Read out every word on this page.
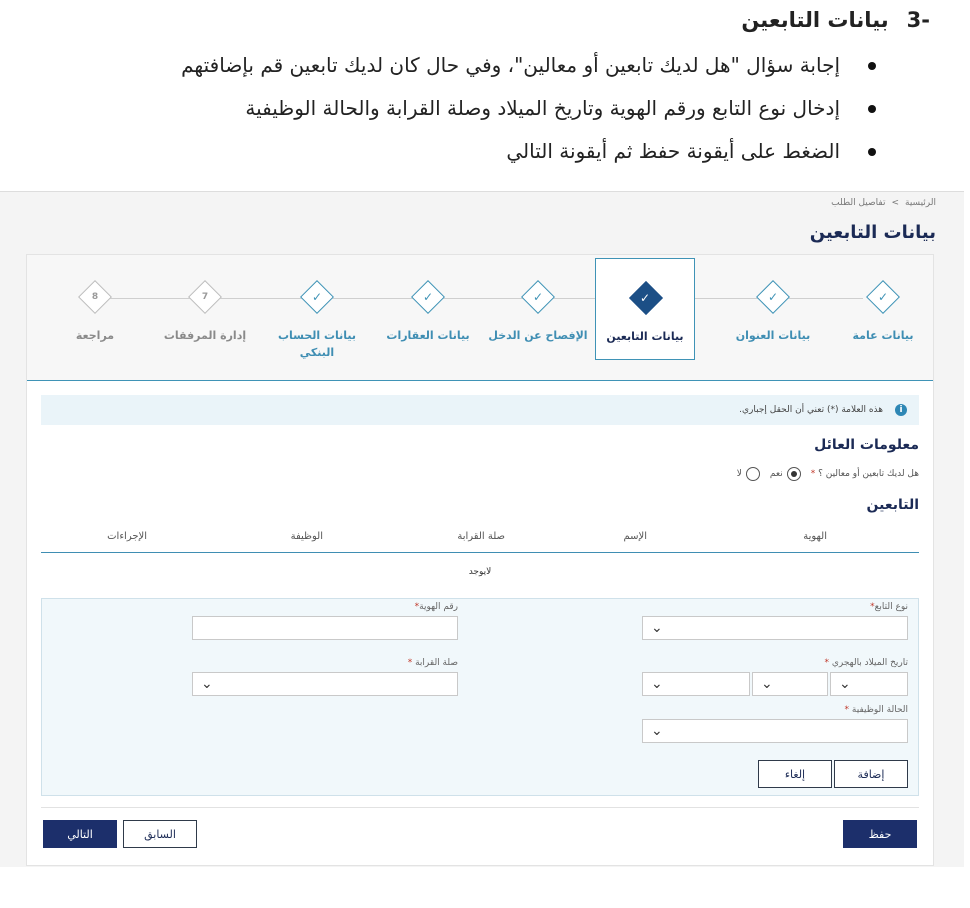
-3
بيانات التابعين
إجابة سؤال "هل لديك تابعين أو معالين"، وفي حال كان لديك تابعين قم بإضافتهم
إدخال نوع التابع ورقم الهوية وتاريخ الميلاد وصلة القرابة والحالة الوظيفية
الضغط على أيقونة حفظ ثم أيقونة التالي
الرئيسية
>
تفاصيل الطلب
بيانات التابعين
✓
بيانات عامة
✓
بيانات العنوان
✓
بيانات التابعين
✓
الإفصاح عن الدخل
✓
بيانات العقارات
✓
بيانات الحساب البنكي
7
إدارة المرفقات
8
مراجعة
i
هذه العلامة (*) تعني أن الحقل إجباري.
معلومات العائل
هل لديك تابعين أو معالين ؟ *
نعم
لا
التابعين
الهوية
الإسم
صلة القرابة
الوظيفة
الإجراءات
لايوجد
نوع التابع*
⌄
رقم الهوية*
تاريخ الميلاد بالهجري *
⌄
⌄
⌄
صلة القرابة *
⌄
الحالة الوظيفية *
⌄
إضافة
إلغاء
حفظ
السابق
التالي
